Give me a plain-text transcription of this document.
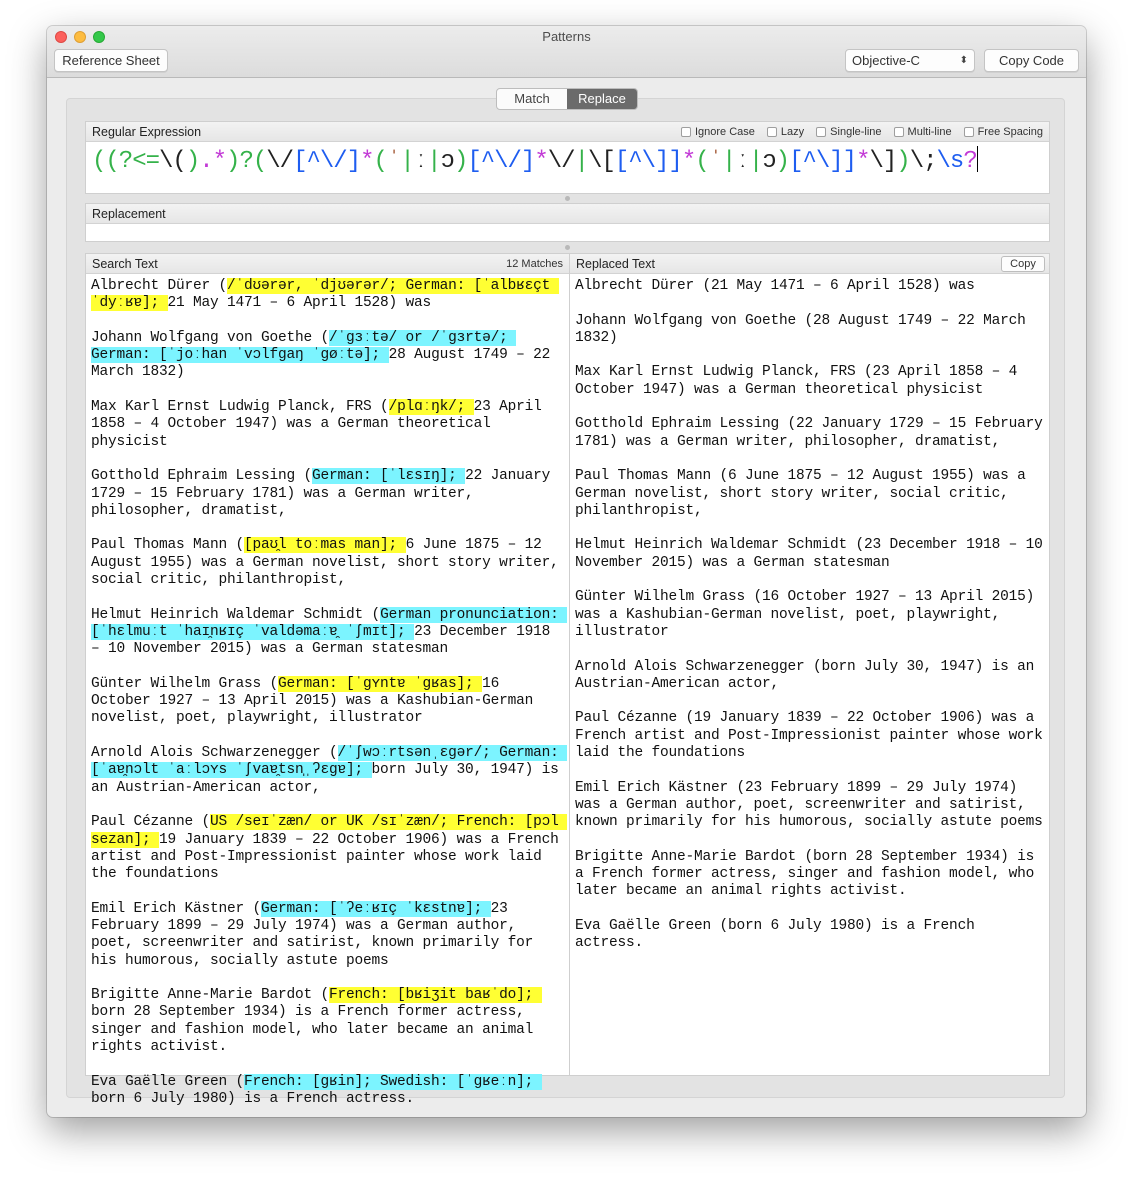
Patterns
Reference Sheet	Objective-C	⬍	Copy Code
Match	Replace
Regular Expression	Ignore Case Lazy Single-line Multi-line Free Spacing
((?<=\().*)?(\/[^\/]*(ˈ|ː|ɔ)[^\/]*\/|\[[^\]]*(ˈ|ː|ɔ)[^\]]*\])\;\s?
Replacement
Search Text	12 Matches
Albrecht Dürer (/ˈdʊərər, ˈdjʊərər/; German: [ˈalbʁɛçt ˈdyːʁɐ]; 21 May 1471 – 6 April 1528) was
Johann Wolfgang von Goethe (/ˈɡɜːtə/ or /ˈɡɜrtə/; German: [ˈjoːhan ˈvɔlfɡaŋ ˈɡøːtə]; 28 August 1749 – 22 March 1832)
Max Karl Ernst Ludwig Planck, FRS (/plɑːŋk/; 23 April 1858 – 4 October 1947) was a German theoretical physicist
Gotthold Ephraim Lessing (German: [ˈlɛsɪŋ]; 22 January 1729 – 15 February 1781) was a German writer, philosopher, dramatist,
Paul Thomas Mann ([paʊ̯l toːmas man]; 6 June 1875 – 12 August 1955) was a German novelist, short story writer, social critic, philanthropist,
Helmut Heinrich Waldemar Schmidt (German pronunciation: [ˈhɛlmuːt ˈhaɪ̯nʁɪç ˈvaldəmaːɐ̯ ˈʃmɪt]; 23 December 1918 – 10 November 2015) was a German statesman
Günter Wilhelm Grass (German: [ˈɡʏntɐ ˈɡʁas]; 16 October 1927 – 13 April 2015) was a Kashubian-German novelist, poet, playwright, illustrator
Arnold Alois Schwarzenegger (/ˈʃwɔːrtsənˌɛɡər/; German: [ˈaɐ̯nɔlt ˈaːlɔʏs ˈʃvaɐ̯tsn̩ˌʔɛɡɐ]; born July 30, 1947) is an Austrian-American actor,
Paul Cézanne (US /seɪˈzæn/ or UK /sɪˈzæn/; French: [pɔl sezan]; 19 January 1839 – 22 October 1906) was a French artist and Post-Impressionist painter whose work laid the foundations
Emil Erich Kästner (German: [ˈʔeːʁɪç ˈkɛstnɐ]; 23 February 1899 – 29 July 1974) was a German author, poet, screenwriter and satirist, known primarily for his humorous, socially astute poems
Brigitte Anne-Marie Bardot (French: [bʁiʒit baʁˈdo]; born 28 September 1934) is a French former actress, singer and fashion model, who later became an animal rights activist.
Eva Gaëlle Green (French: [ɡʁin]; Swedish: [ˈɡʁeːn]; born 6 July 1980) is a French actress.
Replaced Text	Copy
Albrecht Dürer (21 May 1471 – 6 April 1528) was
Johann Wolfgang von Goethe (28 August 1749 – 22 March 1832)
Max Karl Ernst Ludwig Planck, FRS (23 April 1858 – 4 October 1947) was a German theoretical physicist
Gotthold Ephraim Lessing (22 January 1729 – 15 February 1781) was a German writer, philosopher, dramatist,
Paul Thomas Mann (6 June 1875 – 12 August 1955) was a German novelist, short story writer, social critic, philanthropist,
Helmut Heinrich Waldemar Schmidt (23 December 1918 – 10 November 2015) was a German statesman
Günter Wilhelm Grass (16 October 1927 – 13 April 2015) was a Kashubian-German novelist, poet, playwright, illustrator
Arnold Alois Schwarzenegger (born July 30, 1947) is an Austrian-American actor,
Paul Cézanne (19 January 1839 – 22 October 1906) was a French artist and Post-Impressionist painter whose work laid the foundations
Emil Erich Kästner (23 February 1899 – 29 July 1974) was a German author, poet, screenwriter and satirist, known primarily for his humorous, socially astute poems
Brigitte Anne-Marie Bardot (born 28 September 1934) is a French former actress, singer and fashion model, who later became an animal rights activist.
Eva Gaëlle Green (born 6 July 1980) is a French actress.
